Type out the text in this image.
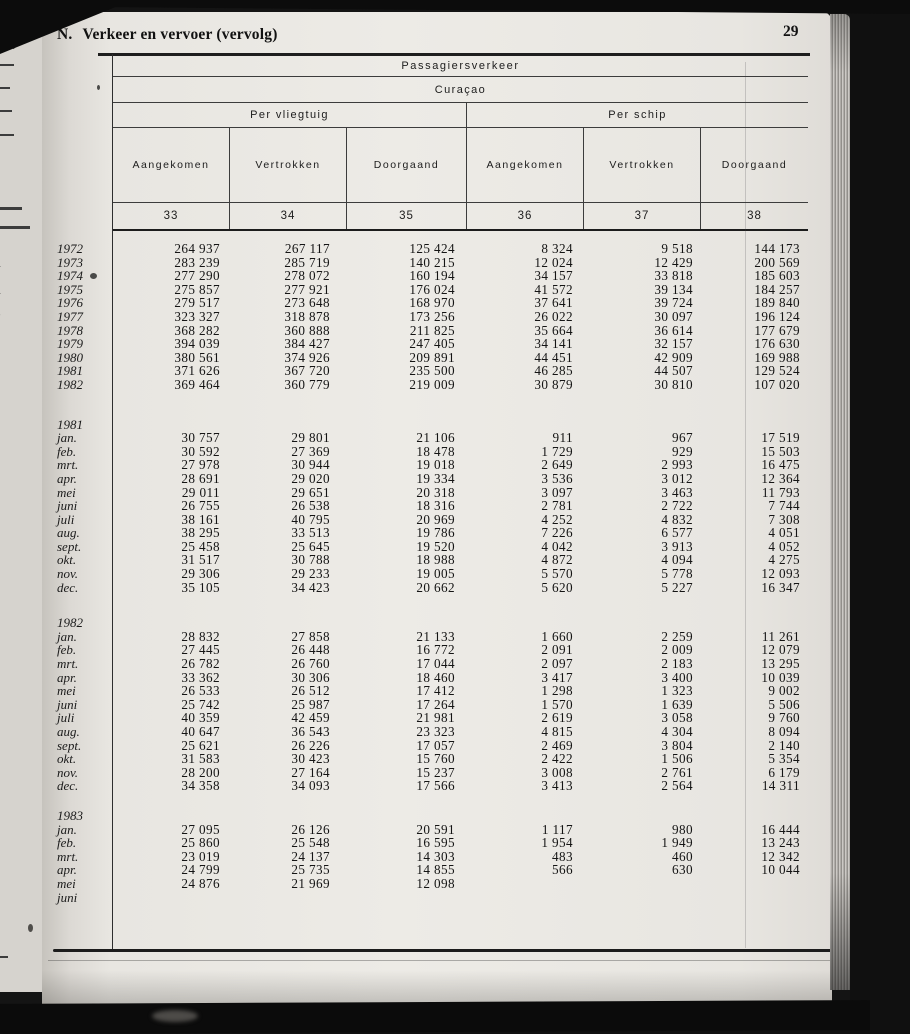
lg)	N. Verkeer en vervoer (vervolg)	29
Passagiersverkeer
Curaçao
Per vliegtuig	Per schip
Aangekomen	Vertrokken	Doorgaand	Aangekomen	Vertrokken	Doorgaand
33	34	35	36	37	38
1972	264 937	267 117	125 424	8 324	9 518	144 173
1973	283 239	285 719	140 215	12 024	12 429	200 569
1974	277 290	278 072	160 194	34 157	33 818	185 603
1975	275 857	277 921	176 024	41 572	39 134	184 257
1976	279 517	273 648	168 970	37 641	39 724	189 840
1977	323 327	318 878	173 256	26 022	30 097	196 124
1978	368 282	360 888	211 825	35 664	36 614	177 679
1979	394 039	384 427	247 405	34 141	32 157	176 630
1980	380 561	374 926	209 891	44 451	42 909	169 988
1981	371 626	367 720	235 500	46 285	44 507	129 524
1982	369 464	360 779	219 009	30 879	30 810	107 020
1981
jan.	30 757	29 801	21 106	911	967	17 519
feb.	30 592	27 369	18 478	1 729	929	15 503
mrt.	27 978	30 944	19 018	2 649	2 993	16 475
apr.	28 691	29 020	19 334	3 536	3 012	12 364
mei	29 011	29 651	20 318	3 097	3 463	11 793
juni	26 755	26 538	18 316	2 781	2 722	7 744
juli	38 161	40 795	20 969	4 252	4 832	7 308
aug.	38 295	33 513	19 786	7 226	6 577	4 051
sept.	25 458	25 645	19 520	4 042	3 913	4 052
okt.	31 517	30 788	18 988	4 872	4 094	4 275
nov.	29 306	29 233	19 005	5 570	5 778	12 093
dec.	35 105	34 423	20 662	5 620	5 227	16 347
1982
jan.	28 832	27 858	21 133	1 660	2 259	11 261
feb.	27 445	26 448	16 772	2 091	2 009	12 079
mrt.	26 782	26 760	17 044	2 097	2 183	13 295
apr.	33 362	30 306	18 460	3 417	3 400	10 039
mei	26 533	26 512	17 412	1 298	1 323	9 002
juni	25 742	25 987	17 264	1 570	1 639	5 506
juli	40 359	42 459	21 981	2 619	3 058	9 760
aug.	40 647	36 543	23 323	4 815	4 304	8 094
sept.	25 621	26 226	17 057	2 469	3 804	2 140
okt.	31 583	30 423	15 760	2 422	1 506	5 354
nov.	28 200	27 164	15 237	3 008	2 761	6 179
dec.	34 358	34 093	17 566	3 413	2 564	14 311
1983
jan.	27 095	26 126	20 591	1 117	980	16 444
feb.	25 860	25 548	16 595	1 954	1 949	13 243
mrt.	23 019	24 137	14 303	483	460	12 342
apr.	24 799	25 735	14 855	566	630	10 044
mei	24 876	21 969	12 098
juni
